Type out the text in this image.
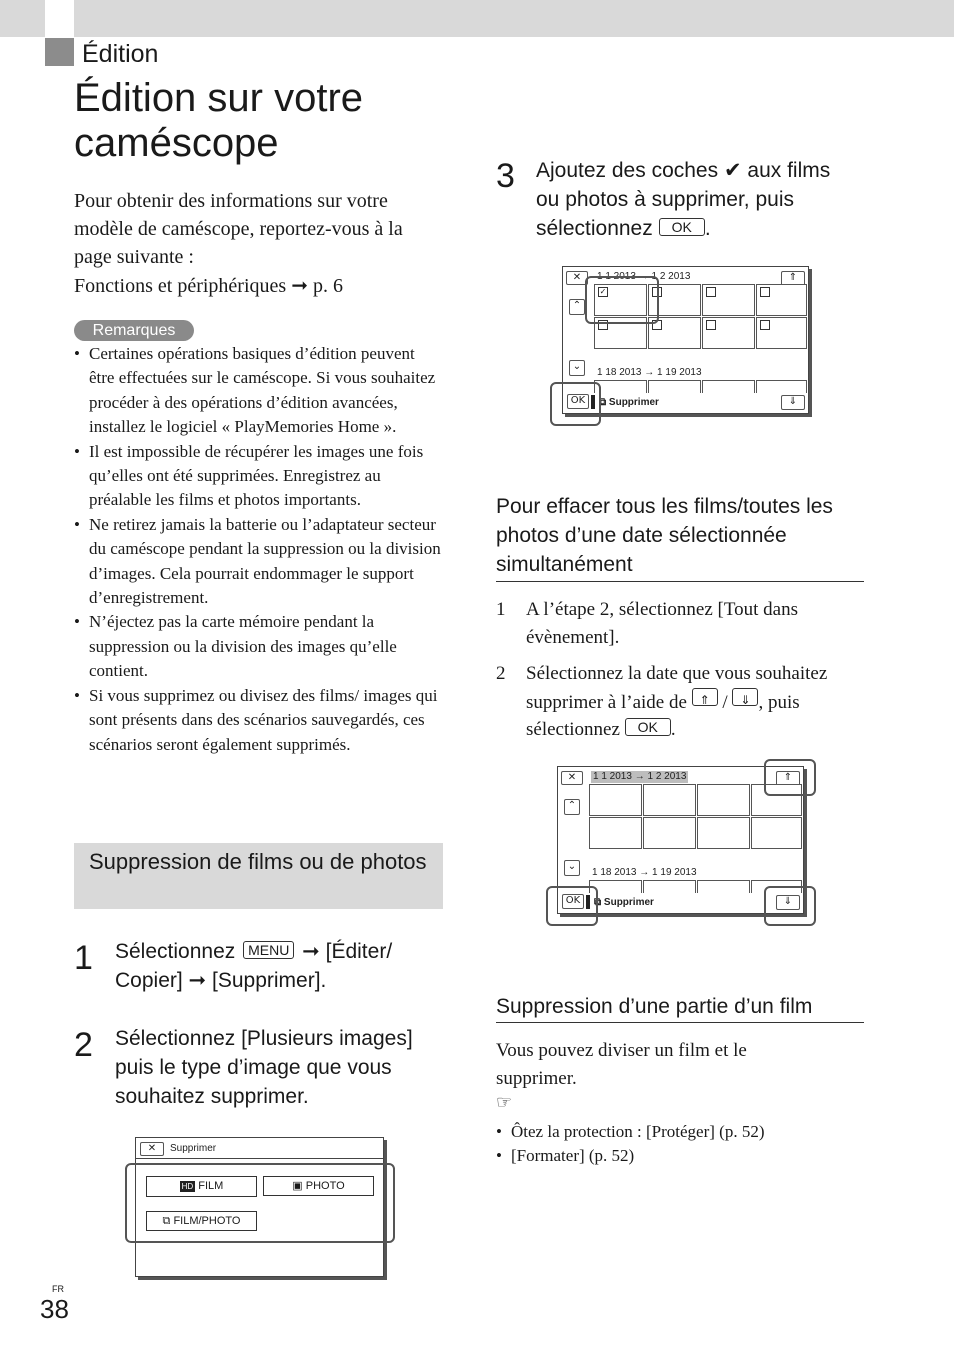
Édition
Édition sur votre caméscope
Pour obtenir des informations sur votre modèle de caméscope, reportez-vous à la page suivante :
Fonctions et périphériques ➞ p. 6
Remarques
• Certaines opérations basiques d’édition peuvent être effectuées sur le caméscope. Si vous souhaitez procéder à des opérations d’édition avancées, installez le logiciel « PlayMemories Home ».
• Il est impossible de récupérer les images une fois qu’elles ont été supprimées. Enregistrez au préalable les films et photos importants.
• Ne retirez jamais la batterie ou l’adaptateur secteur du caméscope pendant la suppression ou la division d’images. Cela pourrait endommager le support d’enregistrement.
• N’éjectez pas la carte mémoire pendant la suppression ou la division des images qu’elle contient.
• Si vous supprimez ou divisez des films/ images qui sont présents dans des scénarios sauvegardés, ces scénarios seront également supprimés.
Suppression de films ou de photos
1 Sélectionnez MENU ➞ [Éditer/ Copier] ➞ [Supprimer].
2 Sélectionnez [Plusieurs images] puis le type d’image que vous souhaitez supprimer.
✕	Supprimer
HD FILM	▣ PHOTO
⧉ FILM/PHOTO
3 Ajoutez des coches ✔ aux films ou photos à supprimer, puis sélectionnez OK .
✕	1 1 2013 → 1 2 2013	⇑
⌃
⌄
✓
1 18 2013 → 1 19 2013
OK	⧉ Supprimer	⇓
Pour effacer tous les films/toutes les photos d’une date sélectionnée simultanément
1 A l’étape 2, sélectionnez [Tout dans évènement].
2 Sélectionnez la date que vous souhaitez supprimer à l’aide de	⇑ /	⇓ , puis sélectionnez OK .
✕	1 1 2013 → 1 2 2013	⇑
⌃
⌄
1 18 2013 → 1 19 2013
OK	⧉ Supprimer	⇓
Suppression d’une partie d’un film
Vous pouvez diviser un film et le supprimer.
☞
• Ôtez la protection : [Protéger] (p. 52)
• [Formater] (p. 52)
FR
38
